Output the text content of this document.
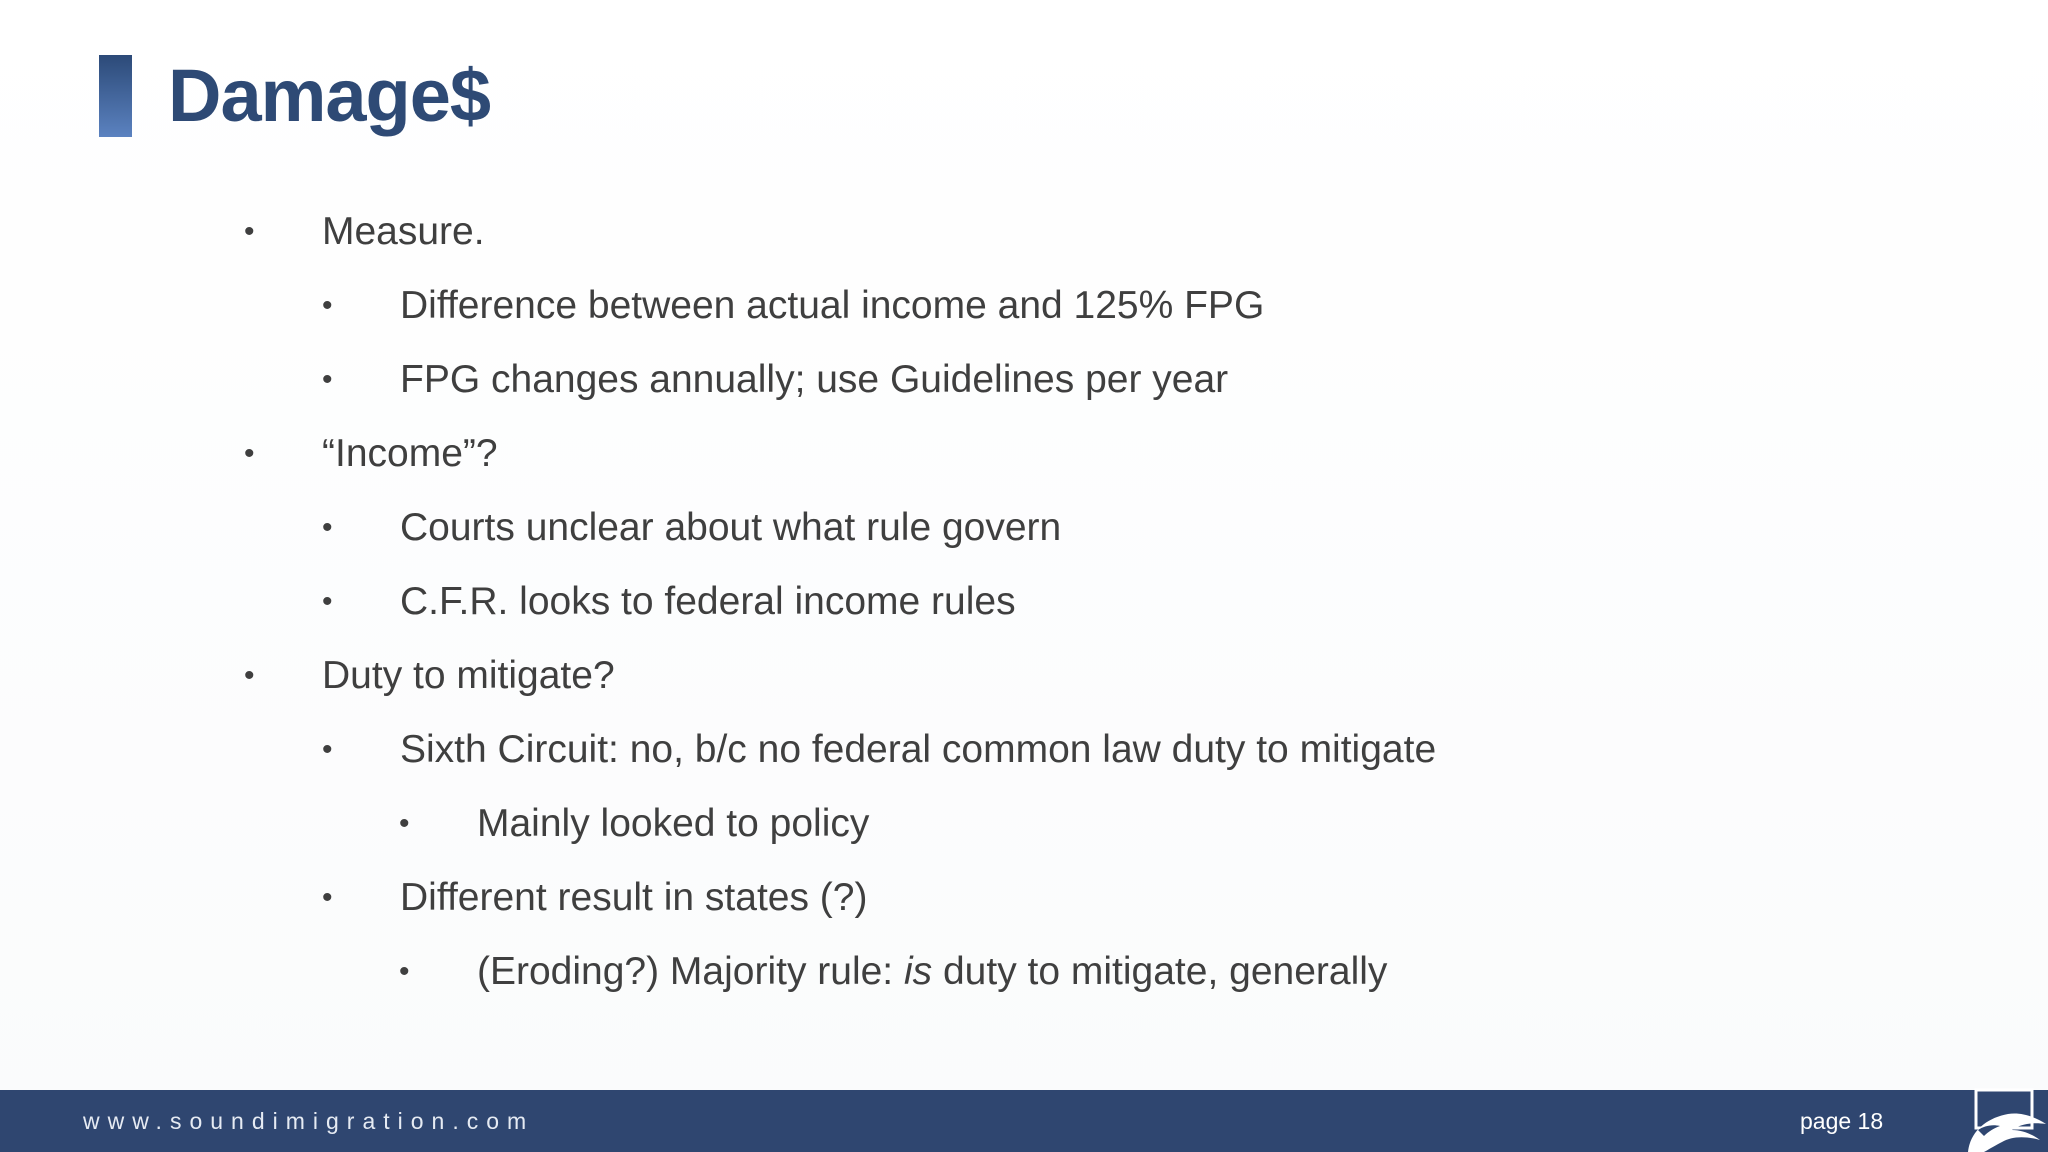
Damage$
• Measure.
• Difference between actual income and 125% FPG
• FPG changes annually; use Guidelines per year
• “Income”?
• Courts unclear about what rule govern
• C.F.R. looks to federal income rules
• Duty to mitigate?
• Sixth Circuit: no, b/c no federal common law duty to mitigate
• Mainly looked to policy
• Different result in states (?)
• (Eroding?) Majority rule: is duty to mitigate, generally
www.soundimigration.com	page 18
